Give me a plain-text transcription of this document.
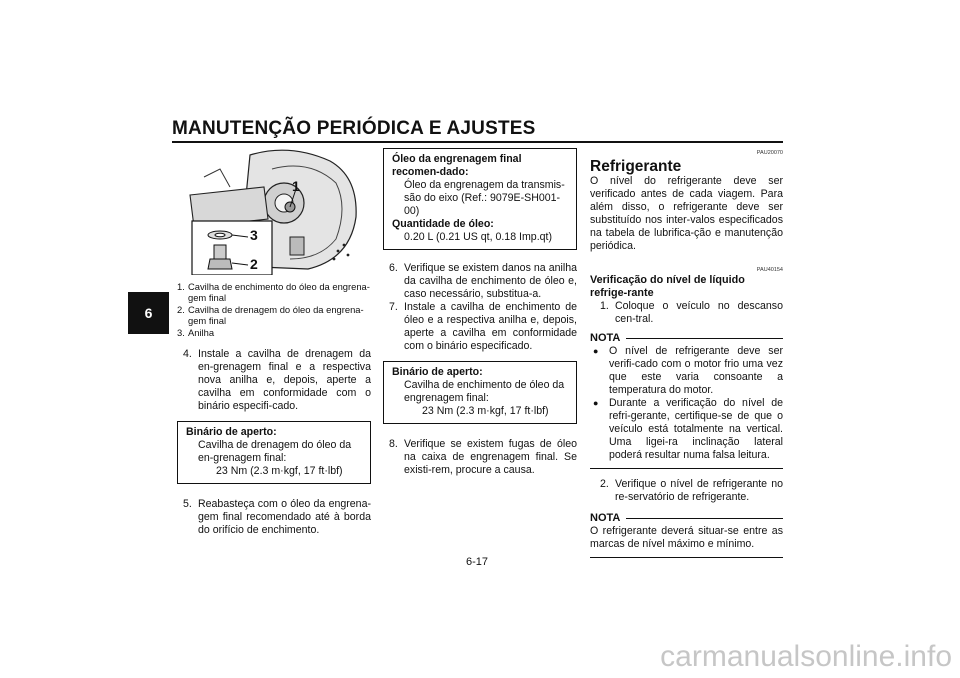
MANUTENÇÃO PERIÓDICA E AJUSTES
6
1
3
2
1. Cavilha de enchimento do óleo da engrena-gem final
2. Cavilha de drenagem do óleo da engrena-gem final
3. Anilha
4. Instale a cavilha de drenagem da en-grenagem final e a respectiva nova anilha e, depois, aperte a cavilha em conformidade com o binário especifi-cado.
Binário de aperto:
Cavilha de drenagem do óleo da en-grenagem final:
23 Nm (2.3 m·kgf, 17 ft·lbf)
5. Reabasteça com o óleo da engrena-gem final recomendado até à borda do orifício de enchimento.
Óleo da engrenagem final recomen-dado:
Óleo da engrenagem da transmis-são do eixo (Ref.: 9079E-SH001-00)
Quantidade de óleo:
0.20 L (0.21 US qt, 0.18 Imp.qt)
6. Verifique se existem danos na anilha da cavilha de enchimento de óleo e, caso necessário, substitua-a.
7. Instale a cavilha de enchimento de óleo e a respectiva anilha e, depois, aperte a cavilha em conformidade com o binário especificado.
Binário de aperto:
Cavilha de enchimento de óleo da engrenagem final:
23 Nm (2.3 m·kgf, 17 ft·lbf)
8. Verifique se existem fugas de óleo na caixa de engrenagem final. Se existi-rem, procure a causa.
PAU20070
Refrigerante

O nível do refrigerante deve ser verificado antes de cada viagem. Para além disso, o refrigerante deve ser substituído nos inter-valos especificados na tabela de lubrifica-ção e manutenção periódica.

PAU40154
Verificação do nível de líquido refrige-rante
1. Coloque o veículo no descanso cen-tral.
NOTA
● O nível de refrigerante deve ser verifi-cado com o motor frio uma vez que este varia consoante a temperatura do motor.
● Durante a verificação do nível de refri-gerante, certifique-se de que o veículo está totalmente na vertical. Uma ligei-ra inclinação lateral poderá resultar numa falsa leitura.
2. Verifique o nível de refrigerante no re-servatório de refrigerante.
NOTA

O refrigerante deverá situar-se entre as marcas de nível máximo e mínimo.

6-17
carmanualsonline.info
